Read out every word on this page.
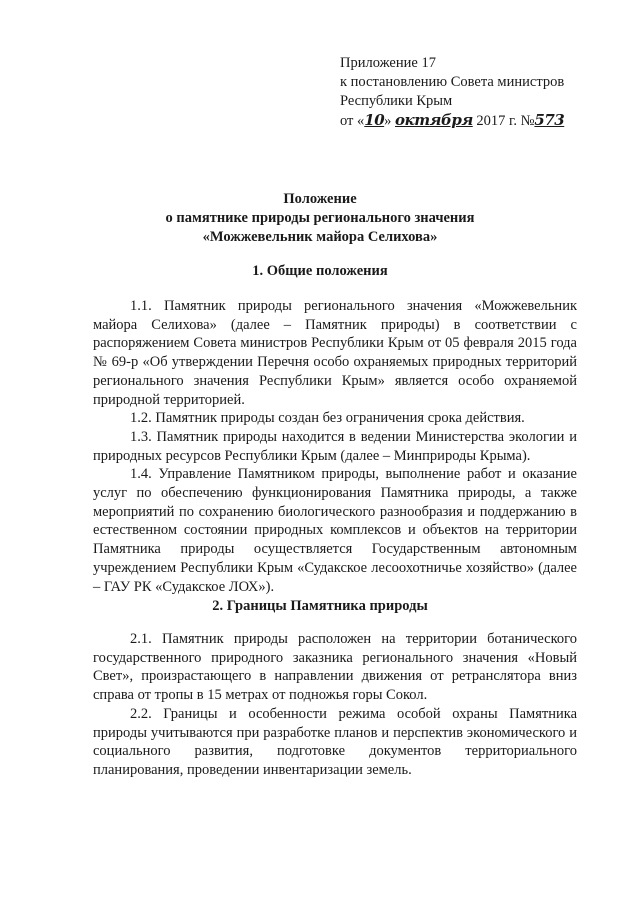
Приложение 17
к постановлению Совета министров
Республики Крым
от «10» октября 2017 г. №573
Положение
о памятнике природы регионального значения
«Можжевельник майора Селихова»
1. Общие положения

1.1. Памятник природы регионального значения «Можжевельник майора Селихова» (далее – Памятник природы) в соответствии с распоряжением Совета министров Республики Крым от 05 февраля 2015 года № 69-р «Об утверждении Перечня особо охраняемых природных территорий регионального значения Республики Крым» является особо охраняемой природной территорией.

1.2. Памятник природы создан без ограничения срока действия.

1.3. Памятник природы находится в ведении Министерства экологии и природных ресурсов Республики Крым (далее – Минприроды Крыма).

1.4. Управление Памятником природы, выполнение работ и оказание услуг по обеспечению функционирования Памятника природы, а также мероприятий по сохранению биологического разнообразия и поддержанию в естественном состоянии природных комплексов и объектов на территории Памятника природы осуществляется Государственным автономным учреждением Республики Крым «Судакское лесоохотничье хозяйство» (далее – ГАУ РК «Судакское ЛОХ»).

2. Границы Памятника природы

2.1. Памятник природы расположен на территории ботанического государственного природного заказника регионального значения «Новый Свет», произрастающего в направлении движения от ретранслятора вниз справа от тропы в 15 метрах от подножья горы Сокол.

2.2. Границы и особенности режима особой охраны Памятника природы учитываются при разработке планов и перспектив экономического и социального развития, подготовке документов территориального планирования, проведении инвентаризации земель.
